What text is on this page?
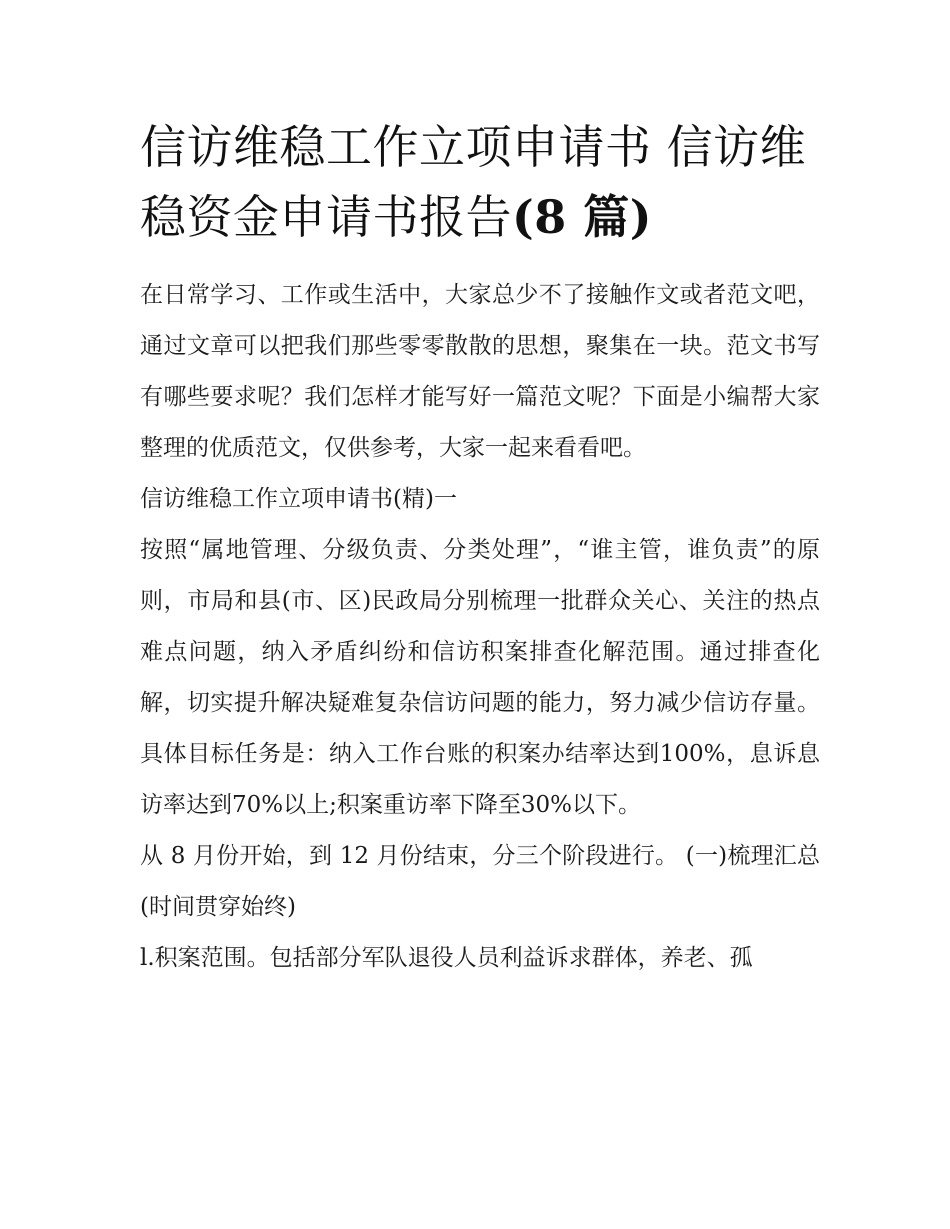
信访维稳工作立项申请书 信访维稳资金申请书报告(8 篇)

在日常学习、工作或生活中，大家总少不了接触作文或者范文吧，通过文章可以把我们那些零零散散的思想，聚集在一块。范文书写有哪些要求呢？我们怎样才能写好一篇范文呢？下面是小编帮大家整理的优质范文，仅供参考，大家一起来看看吧。

信访维稳工作立项申请书(精)一

按照“属地管理、分级负责、分类处理”，“谁主管，谁负责”的原则，市局和县(市、区)民政局分别梳理一批群众关心、关注的热点难点问题，纳入矛盾纠纷和信访积案排查化解范围。通过排查化解，切实提升解决疑难复杂信访问题的能力，努力减少信访存量。具体目标任务是：纳入工作台账的积案办结率达到100%，息诉息访率达到70%以上;积案重访率下降至30%以下。

从 8 月份开始，到 12 月份结束，分三个阶段进行。 (一)梳理汇总(时间贯穿始终)

l.积案范围。包括部分军队退役人员利益诉求群体，养老、孤
